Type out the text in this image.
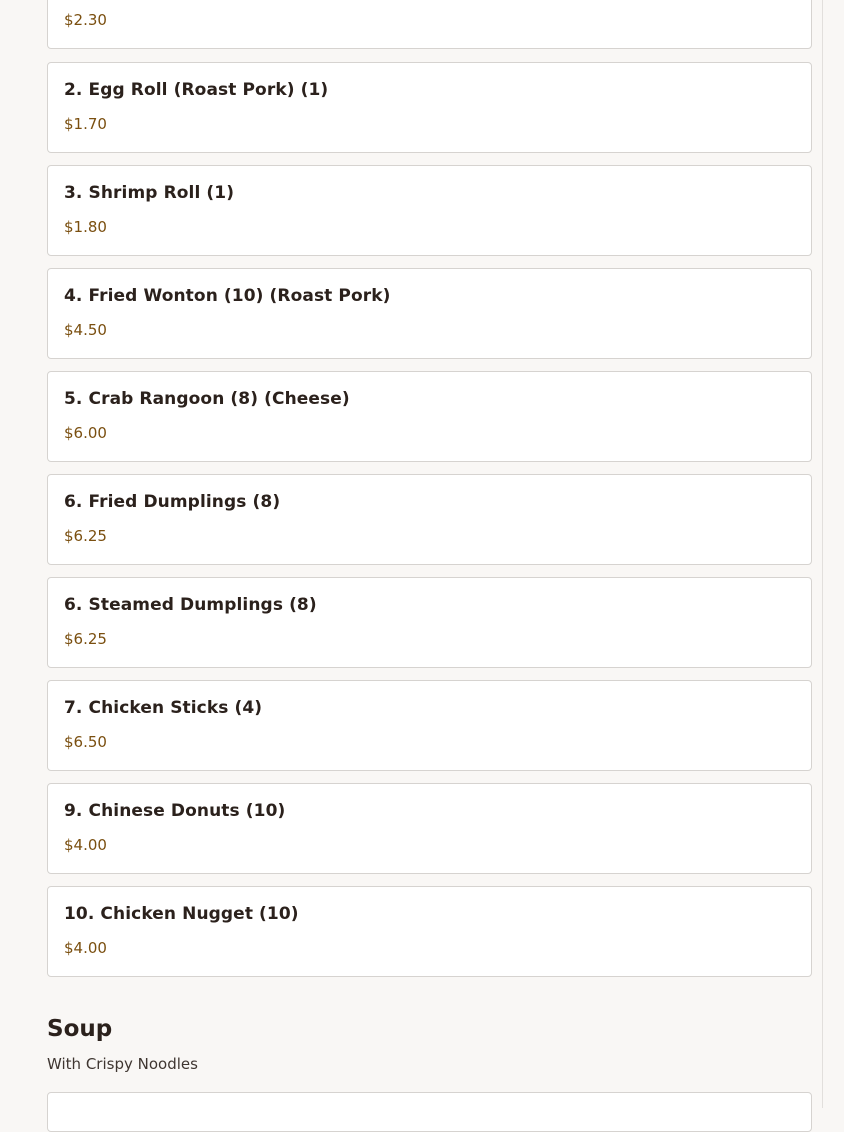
$2.30
2. Egg Roll (Roast Pork) (1)
$1.70
3. Shrimp Roll (1)
$1.80
4. Fried Wonton (10) (Roast Pork)
$4.50
5. Crab Rangoon (8) (Cheese)
$6.00
6. Fried Dumplings (8)
$6.25
6. Steamed Dumplings (8)
$6.25
7. Chicken Sticks (4)
$6.50
9. Chinese Donuts (10)
$4.00
10. Chicken Nugget (10)
$4.00
Soup
With Crispy Noodles
